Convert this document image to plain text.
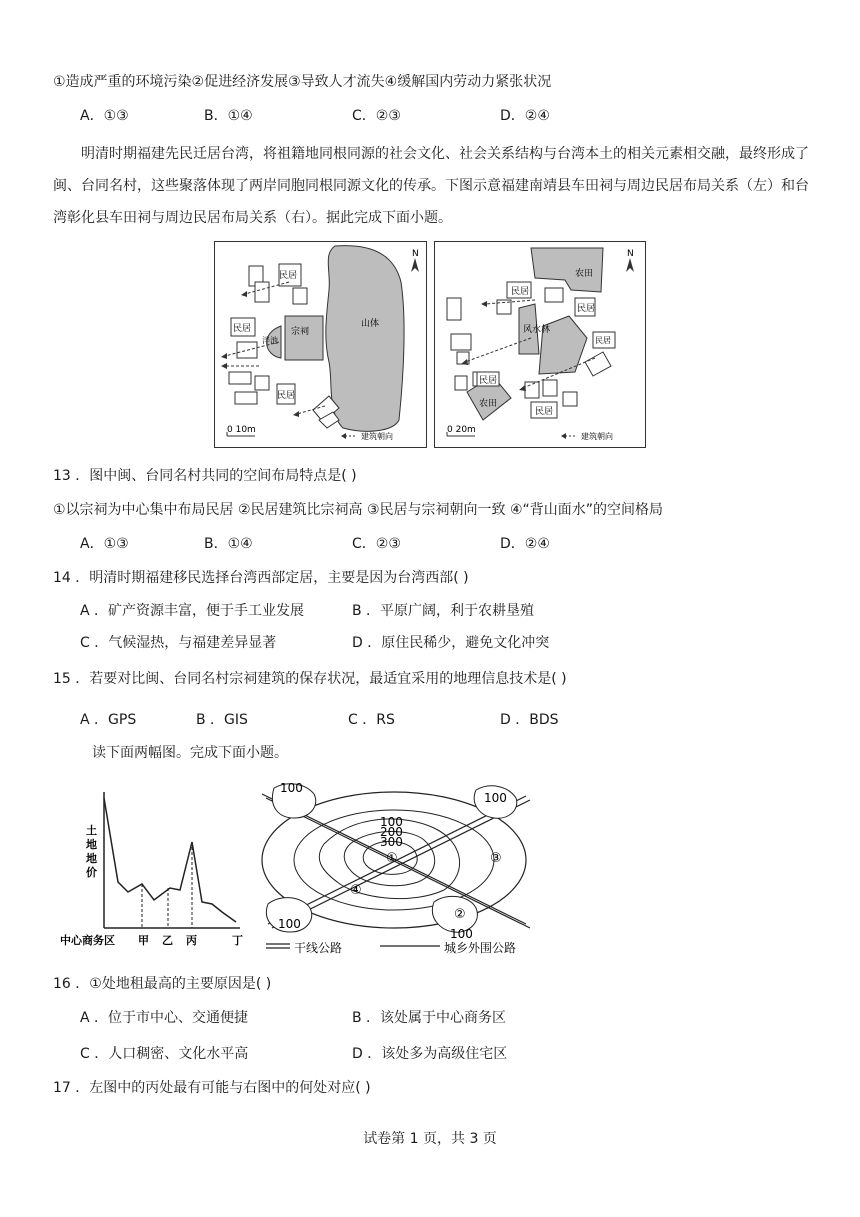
①造成严重的环境污染②促进经济发展③导致人才流失④缓解国内劳动力紧张状况
A．①③	B．①④	C．②③	D．②④
明清时期福建先民迁居台湾，将祖籍地同根同源的社会文化、社会关系结构与台湾本土的相关元素相交融，最终形成了闽、台同名村，这些聚落体现了两岸同胞同根同源文化的传承。下图示意福建南靖县车田祠与周边民居布局关系（左）和台湾彰化县车田祠与周边民居布局关系（右）。据此完成下面小题。
山体
宗祠
泮池
民居
民居
民居
N
0 10m
建筑朝向
农田
风水林
农田
民居
民居
民居
民居
民居
N
0 20m
建筑朝向
13 ．图中闽、台同名村共同的空间布局特点是( )
①以宗祠为中心集中布局民居 ②民居建筑比宗祠高 ③民居与宗祠朝向一致 ④“背山面水”的空间格局
A．①③	B．①④	C．②③	D．②④
14 ．明清时期福建移民选择台湾西部定居，主要是因为台湾西部( )
A ．矿产资源丰富，便于手工业发展	B ．平原广阔，利于农耕垦殖
C ．气候湿热，与福建差异显著	D ．原住民稀少，避免文化冲突
15 ．若要对比闽、台同名村宗祠建筑的保存状况，最适宜采用的地理信息技术是( )
A ．GPS	B ．GIS	C ．RS	D ．BDS
读下面两幅图。完成下面小题。
土
地
地
价
中心商务区 甲 乙 丙	丁
100
100
100
100
100
200
300
①
②
③
④
干线公路	城乡外围公路
16 ．①处地租最高的主要原因是( )
A ．位于市中心、交通便捷	B ．该处属于中心商务区
C ．人口稠密、文化水平高	D ．该处多为高级住宅区
17 ．左图中的丙处最有可能与右图中的何处对应( )
试卷第 1 页，共 3 页
